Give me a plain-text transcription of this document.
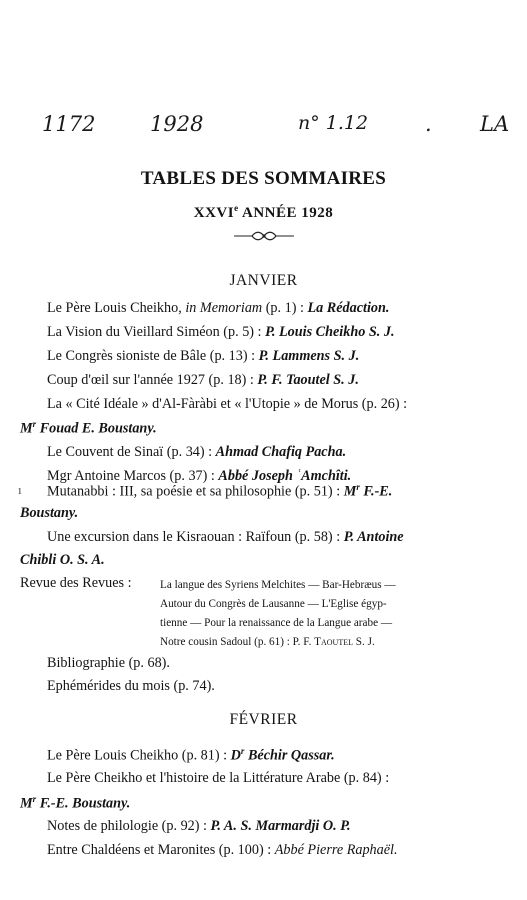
1172	1928	n° 1.12	. LA
TABLES DES SOMMAIRES
XXVIe ANNÉE 1928
JANVIER
Le Père Louis Cheikho, in Memoriam (p. 1) : La Rédaction.
La Vision du Vieillard Siméon (p. 5) : P. Louis Cheikho S. J.
Le Congrès sioniste de Bâle (p. 13) : P. Lammens S. J.
Coup d'œil sur l'année 1927 (p. 18) : P. F. Taoutel S. J.
La « Cité Idéale » d'Al-Fàràbi et « l'Utopie » de Morus (p. 26) :
$M^r$ Fouad E. Boustany.
Le Couvent de Sinaï (p. 34) : Ahmad Chafiq Pacha.
Mgr Antoine Marcos (p. 37) : Abbé Joseph ʿAmchîti.
ı Mutanabbi : III, sa poésie et sa philosophie (p. 51) : $M^r$ F.-E.
Boustany.
Une excursion dans le Kisraouan : Raïfoun (p. 58) : P. Antoine
Chibli O. S. A.
Revue des Revues :	La langue des Syriens Melchites — Bar-Hebræus —
Autour du Congrès de Lausanne — L'Eglise égyp-
tienne — Pour la renaissance de la Langue arabe —
Notre cousin Sadoul (p. 61) : P. F. Taoutel S. J.
Bibliographie (p. 68).
Ephémérides du mois (p. 74).
FÉVRIER
Le Père Louis Cheikho (p. 81) : $D^r$ Béchir Qassar.
Le Père Cheikho et l'histoire de la Littérature Arabe (p. 84) :
$M^r$ F.-E. Boustany.
Notes de philologie (p. 92) : P. A. S. Marmardji O. P.
Entre Chaldéens et Maronites (p. 100) : Abbé Pierre Raphaël.
